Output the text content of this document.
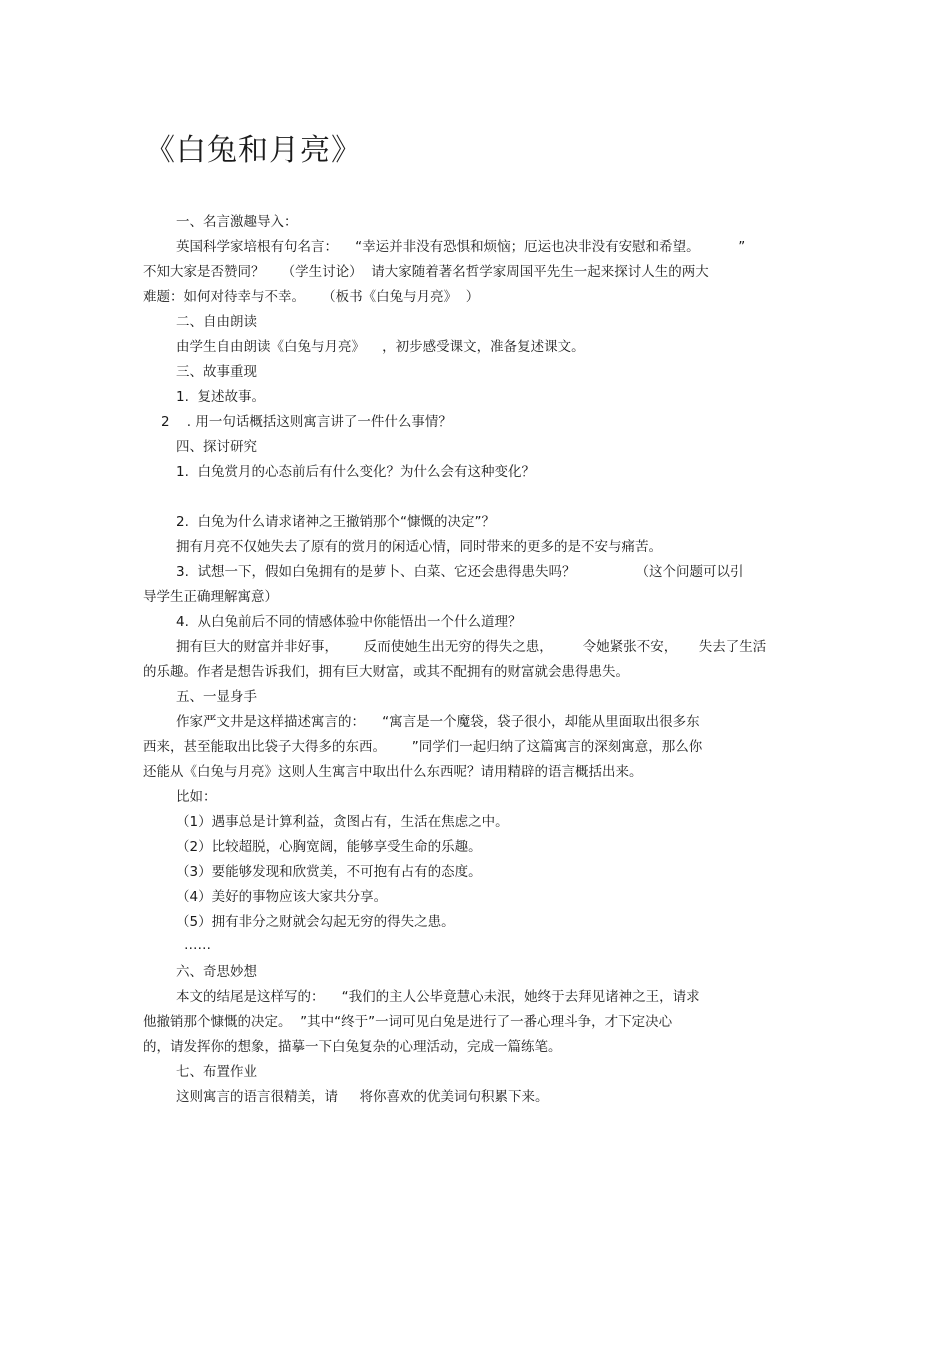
《白兔和月亮》
一、名言激趣导入：
英国科学家培根有句名言：    “幸运并非没有恐惧和烦恼；厄运也决非没有安慰和希望。         ”
不知大家是否赞同？    （学生讨论）  请大家随着著名哲学家周国平先生一起来探讨人生的两大
难题：如何对待幸与不幸。    （板书《白兔与月亮》  ）
二、自由朗读
由学生自由朗读《白兔与月亮》    ，初步感受课文，准备复述课文。
三、故事重现
1.  复述故事。
2    . 用一句话概括这则寓言讲了一件什么事情？
四、探讨研究
1.  白兔赏月的心态前后有什么变化？为什么会有这种变化？
2.  白兔为什么请求诸神之王撤销那个“慷慨的决定”？
拥有月亮不仅她失去了原有的赏月的闲适心情，同时带来的更多的是不安与痛苦。
3.  试想一下，假如白兔拥有的是萝卜、白菜、它还会患得患失吗？              （这个问题可以引
导学生正确理解寓意）
4.  从白兔前后不同的情感体验中你能悟出一个什么道理？
拥有巨大的财富并非好事，      反而使她生出无穷的得失之患，       令她紧张不安，     失去了生活
的乐趣。作者是想告诉我们，拥有巨大财富，或其不配拥有的财富就会患得患失。
五、一显身手
作家严文井是这样描述寓言的：    “寓言是一个魔袋，袋子很小，却能从里面取出很多东
西来，甚至能取出比袋子大得多的东西。      ”同学们一起归纳了这篇寓言的深刻寓意，那么你
还能从《白兔与月亮》这则人生寓言中取出什么东西呢？请用精辟的语言概括出来。
比如：
（1）遇事总是计算利益，贪图占有，生活在焦虑之中。
（2）比较超脱，心胸宽阔，能够享受生命的乐趣。
（3）要能够发现和欣赏美，不可抱有占有的态度。
（4）美好的事物应该大家共分享。
（5）拥有非分之财就会勾起无穷的得失之患。
……
六、奇思妙想
本文的结尾是这样写的：    “我们的主人公毕竟慧心未泯，她终于去拜见诸神之王，请求
他撤销那个慷慨的决定。  ”其中“终于”一词可见白兔是进行了一番心理斗争，才下定决心
的，请发挥你的想象，描摹一下白兔复杂的心理活动，完成一篇练笔。
七、布置作业
这则寓言的语言很精美，请     将你喜欢的优美词句积累下来。
